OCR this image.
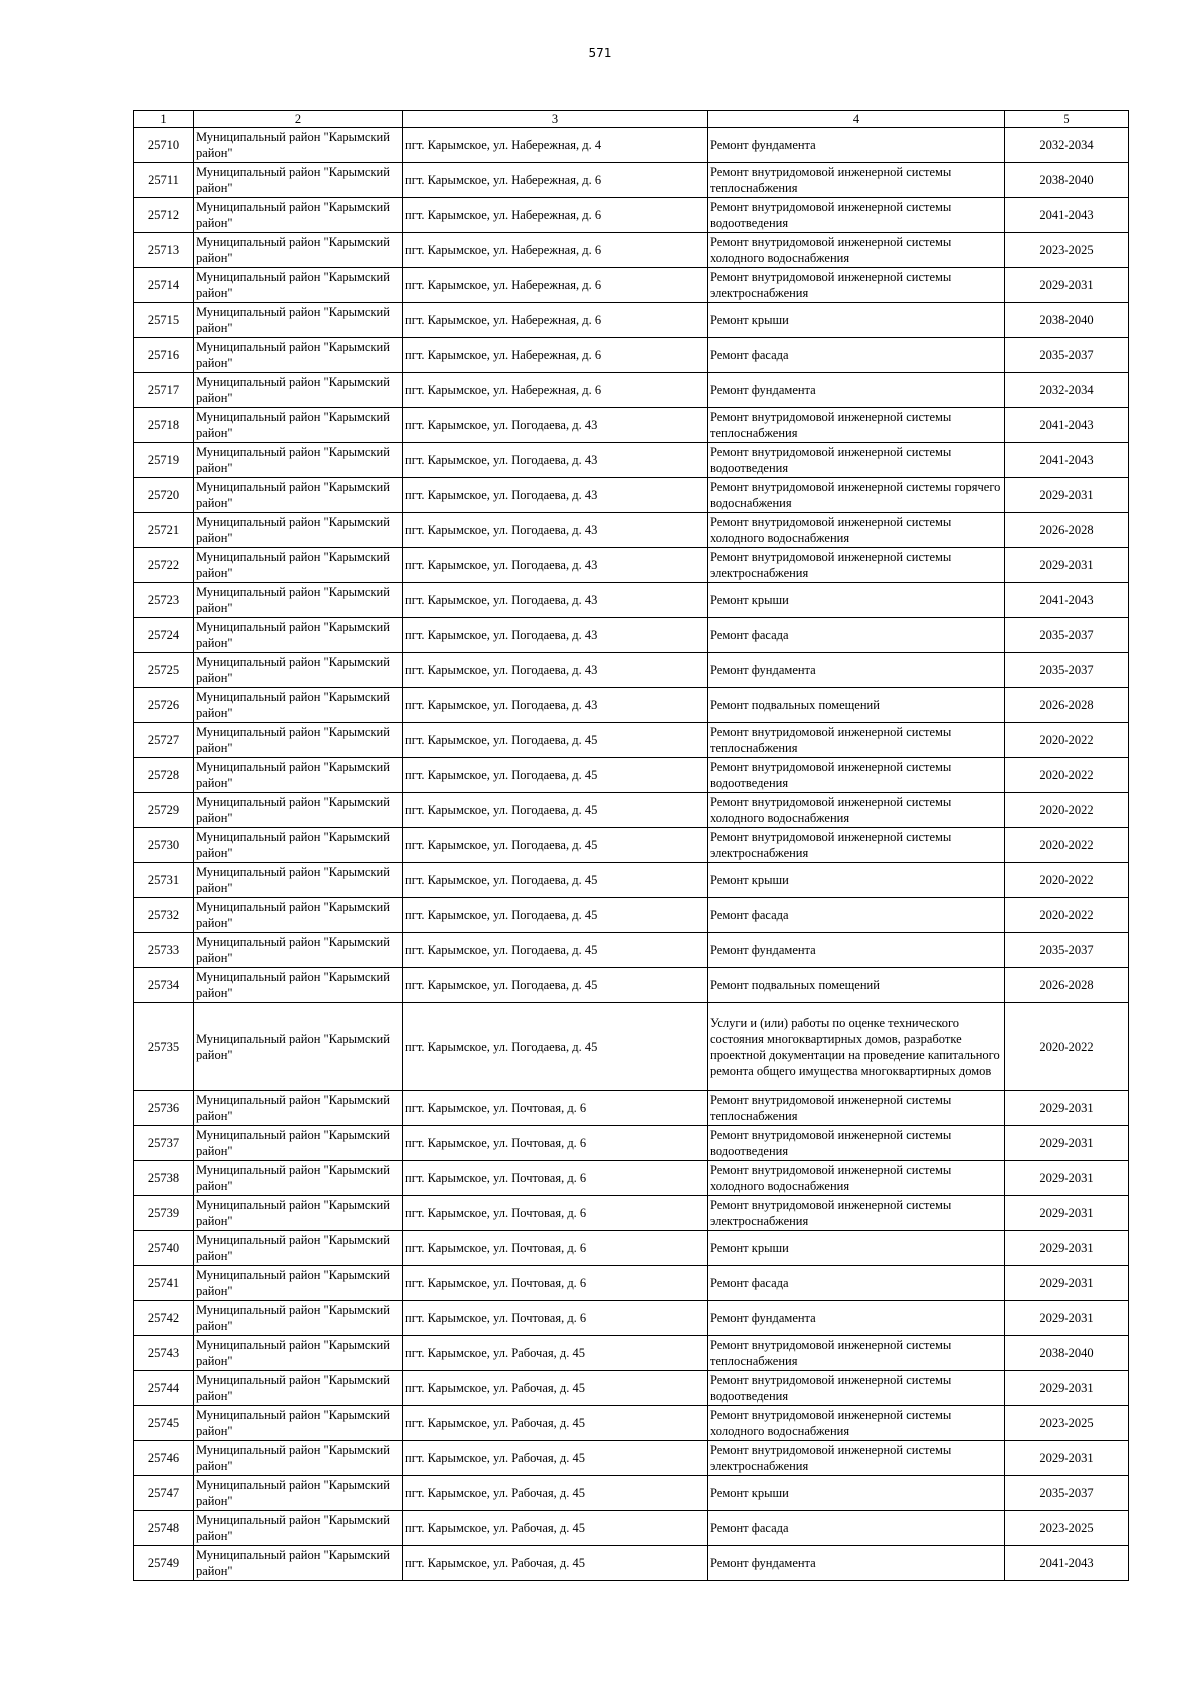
571
1	2	3	4	5
25710	Муниципальный район "Карымский район"	пгт. Карымское, ул. Набережная, д. 4	Ремонт фундамента	2032-2034
25711	Муниципальный район "Карымский район"	пгт. Карымское, ул. Набережная, д. 6	Ремонт внутридомовой инженерной системы теплоснабжения	2038-2040
25712	Муниципальный район "Карымский район"	пгт. Карымское, ул. Набережная, д. 6	Ремонт внутридомовой инженерной системы водоотведения	2041-2043
25713	Муниципальный район "Карымский район"	пгт. Карымское, ул. Набережная, д. 6	Ремонт внутридомовой инженерной системы холодного водоснабжения	2023-2025
25714	Муниципальный район "Карымский район"	пгт. Карымское, ул. Набережная, д. 6	Ремонт внутридомовой инженерной системы электроснабжения	2029-2031
25715	Муниципальный район "Карымский район"	пгт. Карымское, ул. Набережная, д. 6	Ремонт крыши	2038-2040
25716	Муниципальный район "Карымский район"	пгт. Карымское, ул. Набережная, д. 6	Ремонт фасада	2035-2037
25717	Муниципальный район "Карымский район"	пгт. Карымское, ул. Набережная, д. 6	Ремонт фундамента	2032-2034
25718	Муниципальный район "Карымский район"	пгт. Карымское, ул. Погодаева, д. 43	Ремонт внутридомовой инженерной системы теплоснабжения	2041-2043
25719	Муниципальный район "Карымский район"	пгт. Карымское, ул. Погодаева, д. 43	Ремонт внутридомовой инженерной системы водоотведения	2041-2043
25720	Муниципальный район "Карымский район"	пгт. Карымское, ул. Погодаева, д. 43	Ремонт внутридомовой инженерной системы горячего водоснабжения	2029-2031
25721	Муниципальный район "Карымский район"	пгт. Карымское, ул. Погодаева, д. 43	Ремонт внутридомовой инженерной системы холодного водоснабжения	2026-2028
25722	Муниципальный район "Карымский район"	пгт. Карымское, ул. Погодаева, д. 43	Ремонт внутридомовой инженерной системы электроснабжения	2029-2031
25723	Муниципальный район "Карымский район"	пгт. Карымское, ул. Погодаева, д. 43	Ремонт крыши	2041-2043
25724	Муниципальный район "Карымский район"	пгт. Карымское, ул. Погодаева, д. 43	Ремонт фасада	2035-2037
25725	Муниципальный район "Карымский район"	пгт. Карымское, ул. Погодаева, д. 43	Ремонт фундамента	2035-2037
25726	Муниципальный район "Карымский район"	пгт. Карымское, ул. Погодаева, д. 43	Ремонт подвальных помещений	2026-2028
25727	Муниципальный район "Карымский район"	пгт. Карымское, ул. Погодаева, д. 45	Ремонт внутридомовой инженерной системы теплоснабжения	2020-2022
25728	Муниципальный район "Карымский район"	пгт. Карымское, ул. Погодаева, д. 45	Ремонт внутридомовой инженерной системы водоотведения	2020-2022
25729	Муниципальный район "Карымский район"	пгт. Карымское, ул. Погодаева, д. 45	Ремонт внутридомовой инженерной системы холодного водоснабжения	2020-2022
25730	Муниципальный район "Карымский район"	пгт. Карымское, ул. Погодаева, д. 45	Ремонт внутридомовой инженерной системы электроснабжения	2020-2022
25731	Муниципальный район "Карымский район"	пгт. Карымское, ул. Погодаева, д. 45	Ремонт крыши	2020-2022
25732	Муниципальный район "Карымский район"	пгт. Карымское, ул. Погодаева, д. 45	Ремонт фасада	2020-2022
25733	Муниципальный район "Карымский район"	пгт. Карымское, ул. Погодаева, д. 45	Ремонт фундамента	2035-2037
25734	Муниципальный район "Карымский район"	пгт. Карымское, ул. Погодаева, д. 45	Ремонт подвальных помещений	2026-2028
25735	Муниципальный район "Карымский район"	пгт. Карымское, ул. Погодаева, д. 45	Услуги и (или) работы по оценке технического состояния многоквартирных домов, разработке проектной документации на проведение капитального ремонта общего имущества многоквартирных домов	2020-2022
25736	Муниципальный район "Карымский район"	пгт. Карымское, ул. Почтовая, д. 6	Ремонт внутридомовой инженерной системы теплоснабжения	2029-2031
25737	Муниципальный район "Карымский район"	пгт. Карымское, ул. Почтовая, д. 6	Ремонт внутридомовой инженерной системы водоотведения	2029-2031
25738	Муниципальный район "Карымский район"	пгт. Карымское, ул. Почтовая, д. 6	Ремонт внутридомовой инженерной системы холодного водоснабжения	2029-2031
25739	Муниципальный район "Карымский район"	пгт. Карымское, ул. Почтовая, д. 6	Ремонт внутридомовой инженерной системы электроснабжения	2029-2031
25740	Муниципальный район "Карымский район"	пгт. Карымское, ул. Почтовая, д. 6	Ремонт крыши	2029-2031
25741	Муниципальный район "Карымский район"	пгт. Карымское, ул. Почтовая, д. 6	Ремонт фасада	2029-2031
25742	Муниципальный район "Карымский район"	пгт. Карымское, ул. Почтовая, д. 6	Ремонт фундамента	2029-2031
25743	Муниципальный район "Карымский район"	пгт. Карымское, ул. Рабочая, д. 45	Ремонт внутридомовой инженерной системы теплоснабжения	2038-2040
25744	Муниципальный район "Карымский район"	пгт. Карымское, ул. Рабочая, д. 45	Ремонт внутридомовой инженерной системы водоотведения	2029-2031
25745	Муниципальный район "Карымский район"	пгт. Карымское, ул. Рабочая, д. 45	Ремонт внутридомовой инженерной системы холодного водоснабжения	2023-2025
25746	Муниципальный район "Карымский район"	пгт. Карымское, ул. Рабочая, д. 45	Ремонт внутридомовой инженерной системы электроснабжения	2029-2031
25747	Муниципальный район "Карымский район"	пгт. Карымское, ул. Рабочая, д. 45	Ремонт крыши	2035-2037
25748	Муниципальный район "Карымский район"	пгт. Карымское, ул. Рабочая, д. 45	Ремонт фасада	2023-2025
25749	Муниципальный район "Карымский район"	пгт. Карымское, ул. Рабочая, д. 45	Ремонт фундамента	2041-2043
